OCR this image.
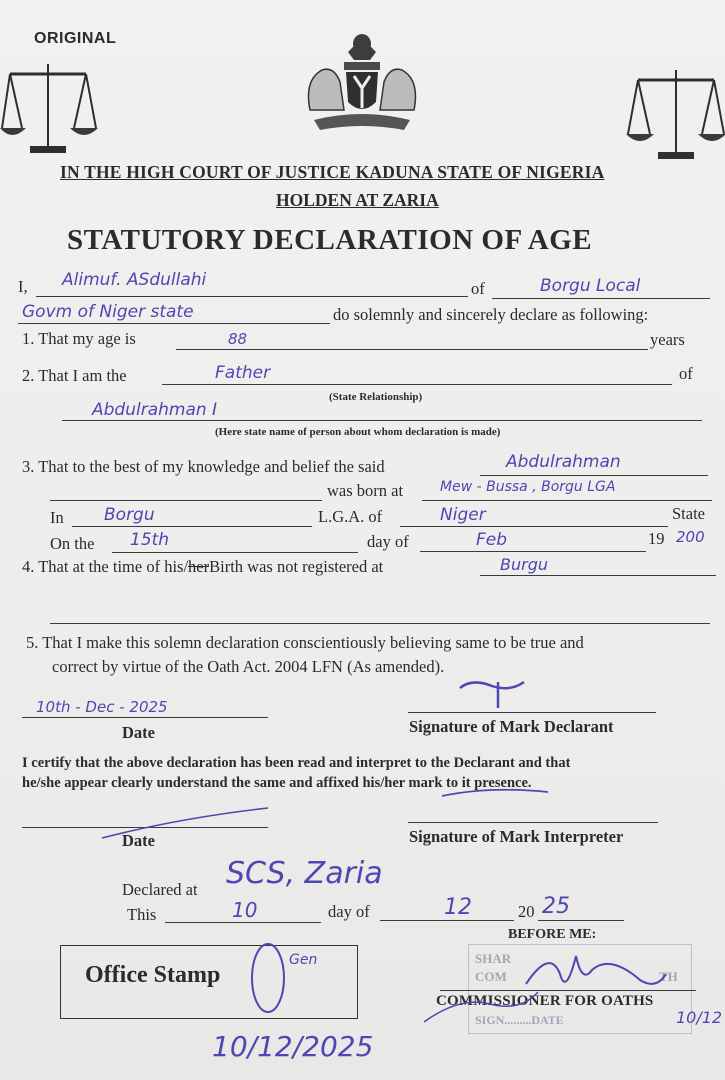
ORIGINAL
IN THE HIGH COURT OF JUSTICE KADUNA STATE OF NIGERIA
HOLDEN AT ZARIA
STATUTORY DECLARATION OF AGE
I, Alimuf. ASdullahi	of	Borgu Local
Govm of Niger state	do solemnly and sincerely declare as following:
1. That my age is	88	years
2. That I am the	Father	of
(State Relationship)
Abdulrahman I
(Here state name of person about whom declaration is made)
3. That to the best of my knowledge and belief the said	Abdulrahman
was born at	Mew - Bussa , Borgu LGA
In Borgu	L.G.A. of	Niger	State
On the 15th	day of	Feb	19 200
4. That at the time of his/herBirth was not registered at	Burgu
5. That I make this solemn declaration conscientiously believing same to be true and
correct by virtue of the Oath Act. 2004 LFN (As amended).
10th - Dec - 2025
Date	Signature of Mark Declarant
I certify that the above declaration has been read and interpret to the Declarant and that
he/she appear clearly understand the same and affixed his/her mark to it presence.
Date	Signature of Mark Interpreter
Declared at SCS, Zaria
This	10	day of	12	20 25
BEFORE ME:
SHAR
COM	TH
SIGN.........DATE
COMMISSIONER FOR OATHS
10/12
Office Stamp
Gen
10/12/2025
